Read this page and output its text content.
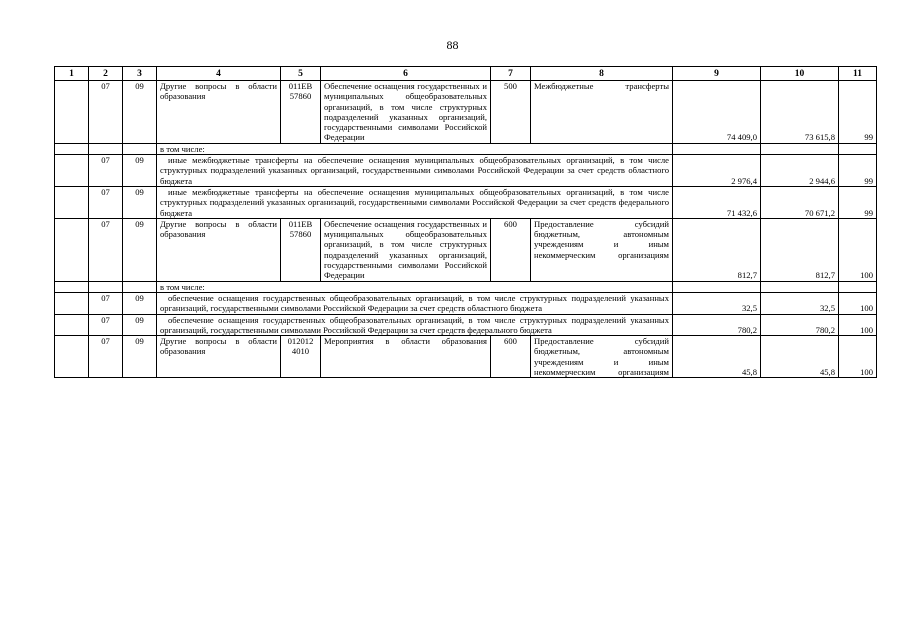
88
1	2	3	4	5	6	7	8	9	10	11
	07	09	Другие вопросы в области образования	011EB 57860	Обеспечение оснащения государственных и муниципальных общеобразовательных организаций, в том числе структурных подразделений указанных организаций, государственными символами Российской Федерации	500	Межбюджетные трансферты	74 409,0	73 615,8	99
			в том числе:							
	07	09	иные межбюджетные трансферты на обеспечение оснащения муниципальных общеобразовательных организаций, в том числе структурных подразделений указанных организаций, государственными символами Российской Федерации за счет средств областного бюджета					2 976,4	2 944,6	99
	07	09	иные межбюджетные трансферты на обеспечение оснащения муниципальных общеобразовательных организаций, в том числе структурных подразделений указанных организаций, государственными символами Российской Федерации за счет средств федерального бюджета					71 432,6	70 671,2	99
	07	09	Другие вопросы в области образования	011EB 57860	Обеспечение оснащения государственных и муниципальных общеобразовательных организаций, в том числе структурных подразделений указанных организаций, государственными символами Российской Федерации	600	Предоставление субсидий бюджетным, автономным учреждениям и иным некоммерческим организациям	812,7	812,7	100
			в том числе:							
	07	09	обеспечение оснащения государственных общеобразовательных организаций, в том числе структурных подразделений указанных организаций, государственными символами Российской Федерации за счет средств областного бюджета					32,5	32,5	100
	07	09	обеспечение оснащения государственных общеобразовательных организаций, в том числе структурных подразделений указанных организаций, государственными символами Российской Федерации за счет средств федерального бюджета					780,2	780,2	100
	07	09	Другие вопросы в области образования	012012 4010	Мероприятия в области образования	600	Предоставление субсидий бюджетным, автономным учреждениям и иным некоммерческим организациям	45,8	45,8	100
